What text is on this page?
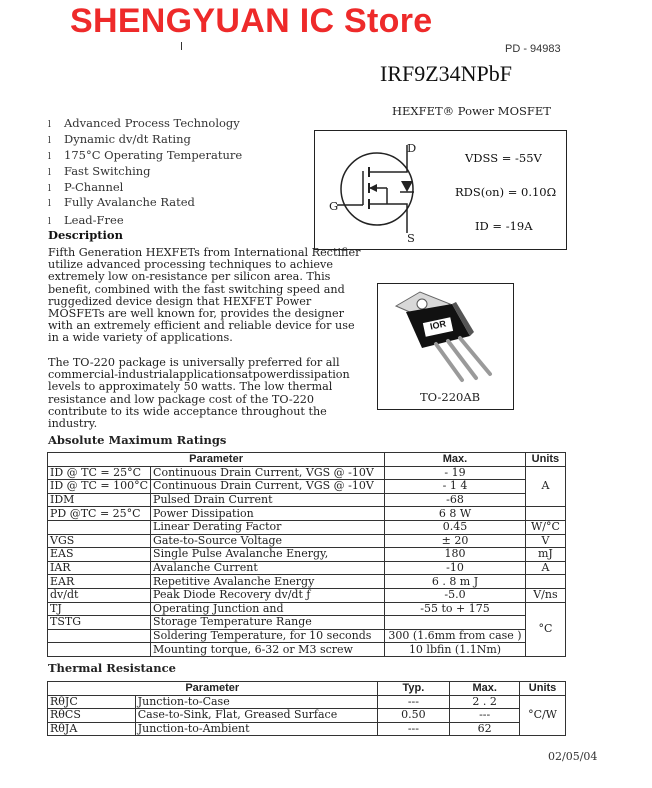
SHENGYUAN IC Store
PD - 94983
IRF9Z34NPbF
HEXFET® Power MOSFET
l Advanced Process Technology
l Dynamic dv/dt Rating
l 175°C Operating Temperature
l Fast Switching
l P-Channel
l Fully Avalanche Rated
l Lead-Free
D
G
S
VDSS = -55V
RDS(on) = 0.10Ω
ID = -19A
IOR
TO-220AB
Description
Fifth Generation HEXFETs from International Rectifier utilize advanced processing techniques to achieve extremely low on-resistance per silicon area. This benefit, combined with the fast switching speed and ruggedized device design that HEXFET Power MOSFETs are well known for, provides the designer with an extremely efficient and reliable device for use in a wide variety of applications.
The TO-220 package is universally preferred for all commercial-industrialapplicationsatpowerdissipation levels to approximately 50 watts. The low thermal resistance and low package cost of the TO-220 contribute to its wide acceptance throughout the industry.
Absolute Maximum Ratings
Parameter		Max.	Units
ID @ TC = 25°C	Continuous Drain Current, VGS @ -10V	- 19	A
ID @ TC = 100°C	Continuous Drain Current, VGS @ -10V	- 1 4	
IDM	Pulsed Drain Current	-68	
PD @TC = 25°C	Power Dissipation	6 8 W	
	Linear Derating Factor	0.45	W/°C
VGS	Gate-to-Source Voltage	± 20	V
EAS	Single Pulse Avalanche Energy,	180	mJ
IAR	Avalanche Current	-10	A
EAR	Repetitive Avalanche Energy	6 . 8 m J	
dv/dt	Peak Diode Recovery dv/dt ƒ	-5.0	V/ns
TJ	Operating Junction and	-55 to + 175	°C
TSTG	Storage Temperature Range		
	Soldering Temperature, for 10 seconds	300 (1.6mm from case )	
	Mounting torque, 6-32 or M3 screw	10 lbfin (1.1Nm)	
Thermal Resistance
Parameter		Typ.	Max.	Units
RθJC	Junction-to-Case	---	2 . 2	°C/W
RθCS	Case-to-Sink, Flat, Greased Surface	0.50	---	
RθJA	Junction-to-Ambient	---	62	
02/05/04
